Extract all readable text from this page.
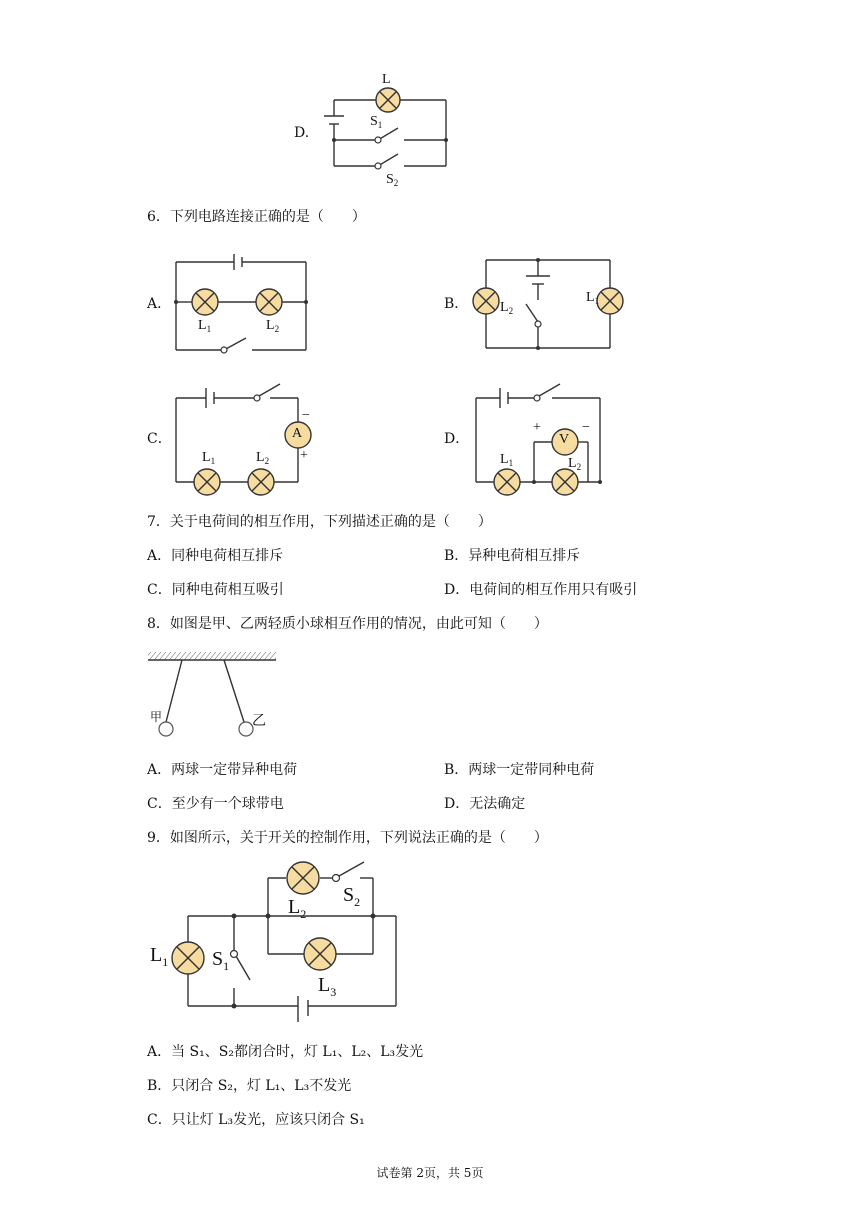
D.
L
$S_1$
$S_2$
6．下列电路连接正确的是（　　）
A．
$L_1$	$L_2$
B． $L_2$
$L_1$
C．	A
−
+
$L_1$	$L_2$
D．	V
+	−
$L_1$	$L_2$
7．关于电荷间的相互作用，下列描述正确的是（　　）
A．同种电荷相互排斥	B．异种电荷相互排斥
C．同种电荷相互吸引	D．电荷间的相互作用只有吸引
8．如图是甲、乙两轻质小球相互作用的情况，由此可知（　　）
甲	乙
A．两球一定带异种电荷	B．两球一定带同种电荷
C．至少有一个球带电	D．无法确定
9．如图所示，关于开关的控制作用，下列说法正确的是（　　）
$L_1$ $S_1$
$L_2$
$S_2$
$L_3$
A．当 S₁、S₂都闭合时，灯 L₁、L₂、L₃发光
B．只闭合 S₂，灯 L₁、L₃不发光
C．只让灯 L₃发光，应该只闭合 S₁
试卷第 2页，共 5页
